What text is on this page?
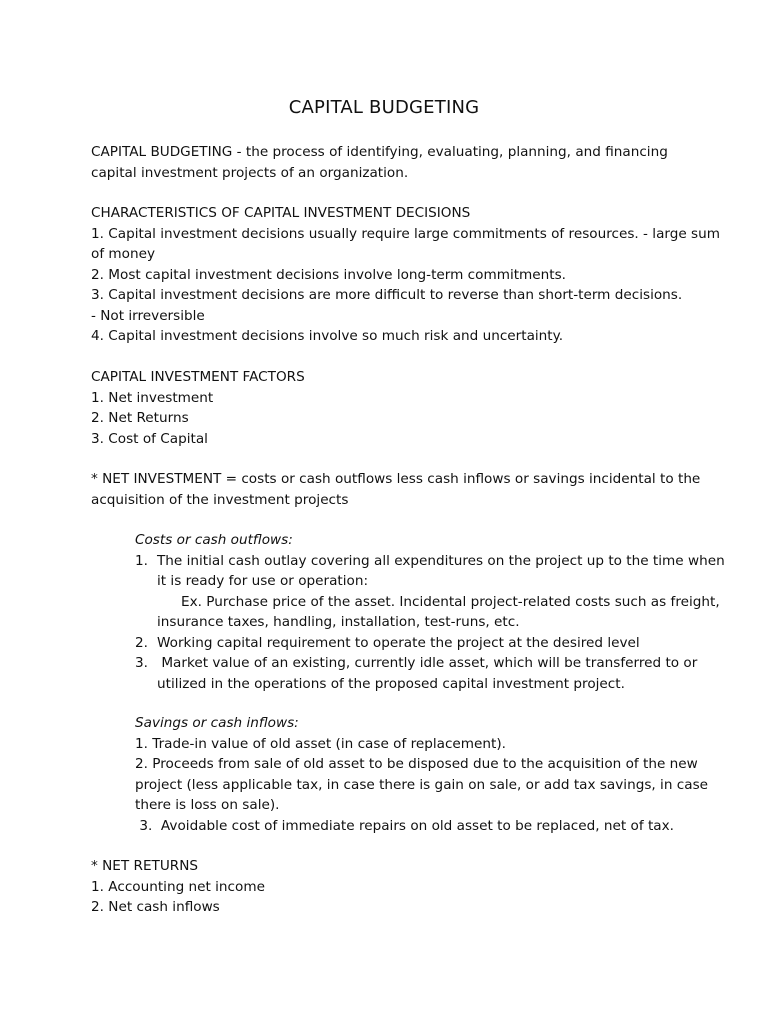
CAPITAL BUDGETING
CAPITAL BUDGETING - the process of identifying, evaluating, planning, and financing
capital investment projects of an organization.
CHARACTERISTICS OF CAPITAL INVESTMENT DECISIONS
1. Capital investment decisions usually require large commitments of resources. - large sum
of money
2. Most capital investment decisions involve long-term commitments.
3. Capital investment decisions are more difficult to reverse than short-term decisions.
- Not irreversible
4. Capital investment decisions involve so much risk and uncertainty.
CAPITAL INVESTMENT FACTORS
1. Net investment
2. Net Returns
3. Cost of Capital
* NET INVESTMENT = costs or cash outflows less cash inflows or savings incidental to the
acquisition of the investment projects
Costs or cash outflows:
1. The initial cash outlay covering all expenditures on the project up to the time when
it is ready for use or operation:
Ex. Purchase price of the asset. Incidental project-related costs such as freight,
insurance taxes, handling, installation, test-runs, etc.
2. Working capital requirement to operate the project at the desired level
3. Market value of an existing, currently idle asset, which will be transferred to or
utilized in the operations of the proposed capital investment project.
Savings or cash inflows:
1. Trade-in value of old asset (in case of replacement).
2. Proceeds from sale of old asset to be disposed due to the acquisition of the new
project (less applicable tax, in case there is gain on sale, or add tax savings, in case
there is loss on sale).
3.  Avoidable cost of immediate repairs on old asset to be replaced, net of tax.
* NET RETURNS
1. Accounting net income
2. Net cash inflows
